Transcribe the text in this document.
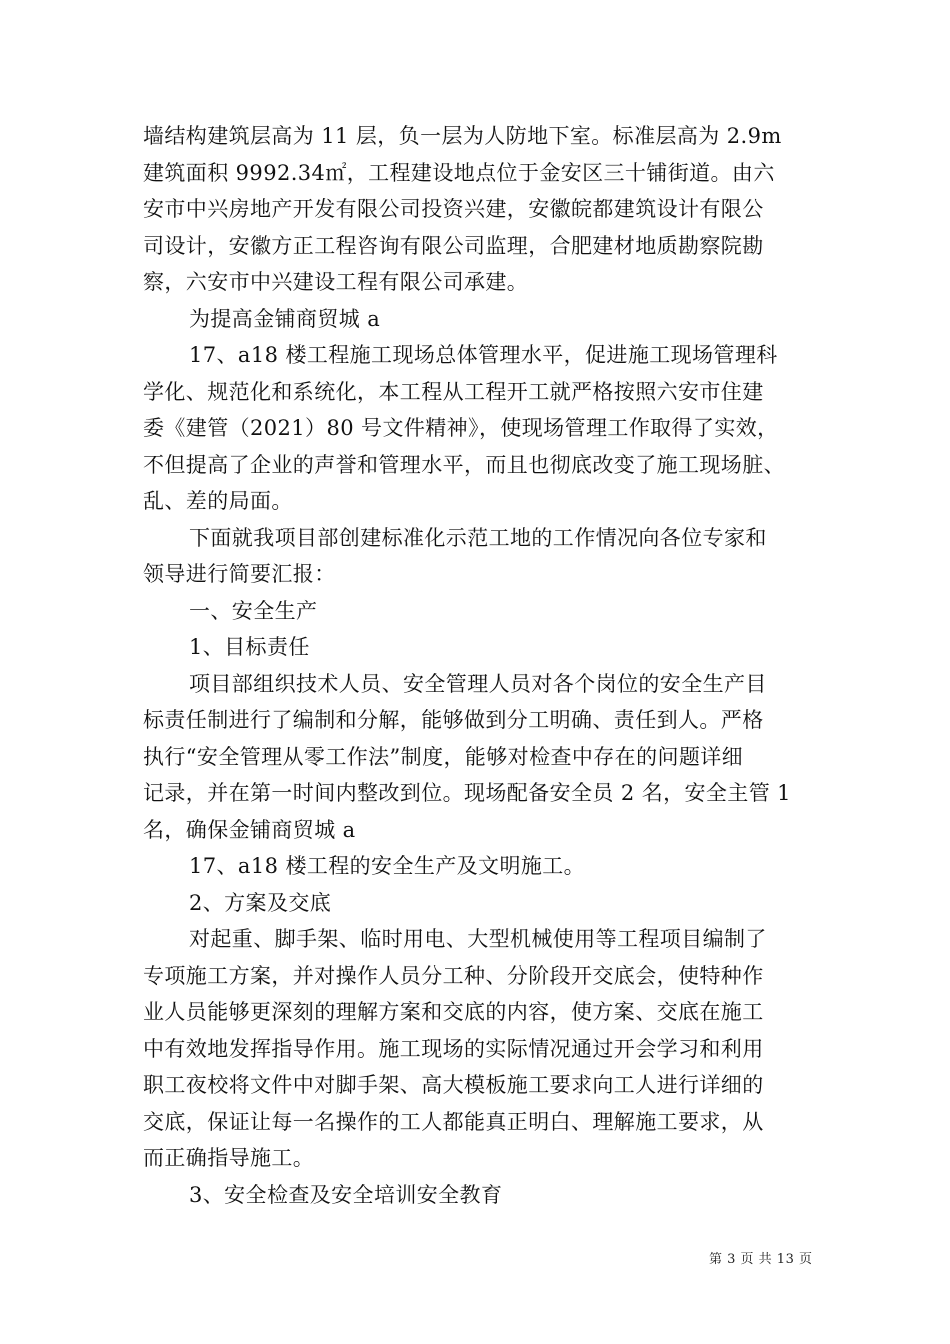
墙结构建筑层高为 11 层，负一层为人防地下室。标准层高为 2.9m
建筑面积 9992.34㎡，工程建设地点位于金安区三十铺街道。由六
安市中兴房地产开发有限公司投资兴建，安徽皖都建筑设计有限公
司设计，安徽方正工程咨询有限公司监理，合肥建材地质勘察院勘
察，六安市中兴建设工程有限公司承建。

为提高金铺商贸城 a

17、a18 楼工程施工现场总体管理水平，促进施工现场管理科
学化、规范化和系统化，本工程从工程开工就严格按照六安市住建
委《建管（2021）80 号文件精神》，使现场管理工作取得了实效，
不但提高了企业的声誉和管理水平，而且也彻底改变了施工现场脏、
乱、差的局面。

下面就我项目部创建标准化示范工地的工作情况向各位专家和
领导进行简要汇报：

一、安全生产

1、目标责任

项目部组织技术人员、安全管理人员对各个岗位的安全生产目
标责任制进行了编制和分解，能够做到分工明确、责任到人。严格
执行“安全管理从零工作法”制度，能够对检查中存在的问题详细
记录，并在第一时间内整改到位。现场配备安全员 2 名，安全主管 1
名，确保金铺商贸城 a

17、a18 楼工程的安全生产及文明施工。

2、方案及交底

对起重、脚手架、临时用电、大型机械使用等工程项目编制了
专项施工方案，并对操作人员分工种、分阶段开交底会，使特种作
业人员能够更深刻的理解方案和交底的内容，使方案、交底在施工
中有效地发挥指导作用。施工现场的实际情况通过开会学习和利用
职工夜校将文件中对脚手架、高大模板施工要求向工人进行详细的
交底，保证让每一名操作的工人都能真正明白、理解施工要求，从
而正确指导施工。

3、安全检查及安全培训安全教育

第 3 页 共 13 页
